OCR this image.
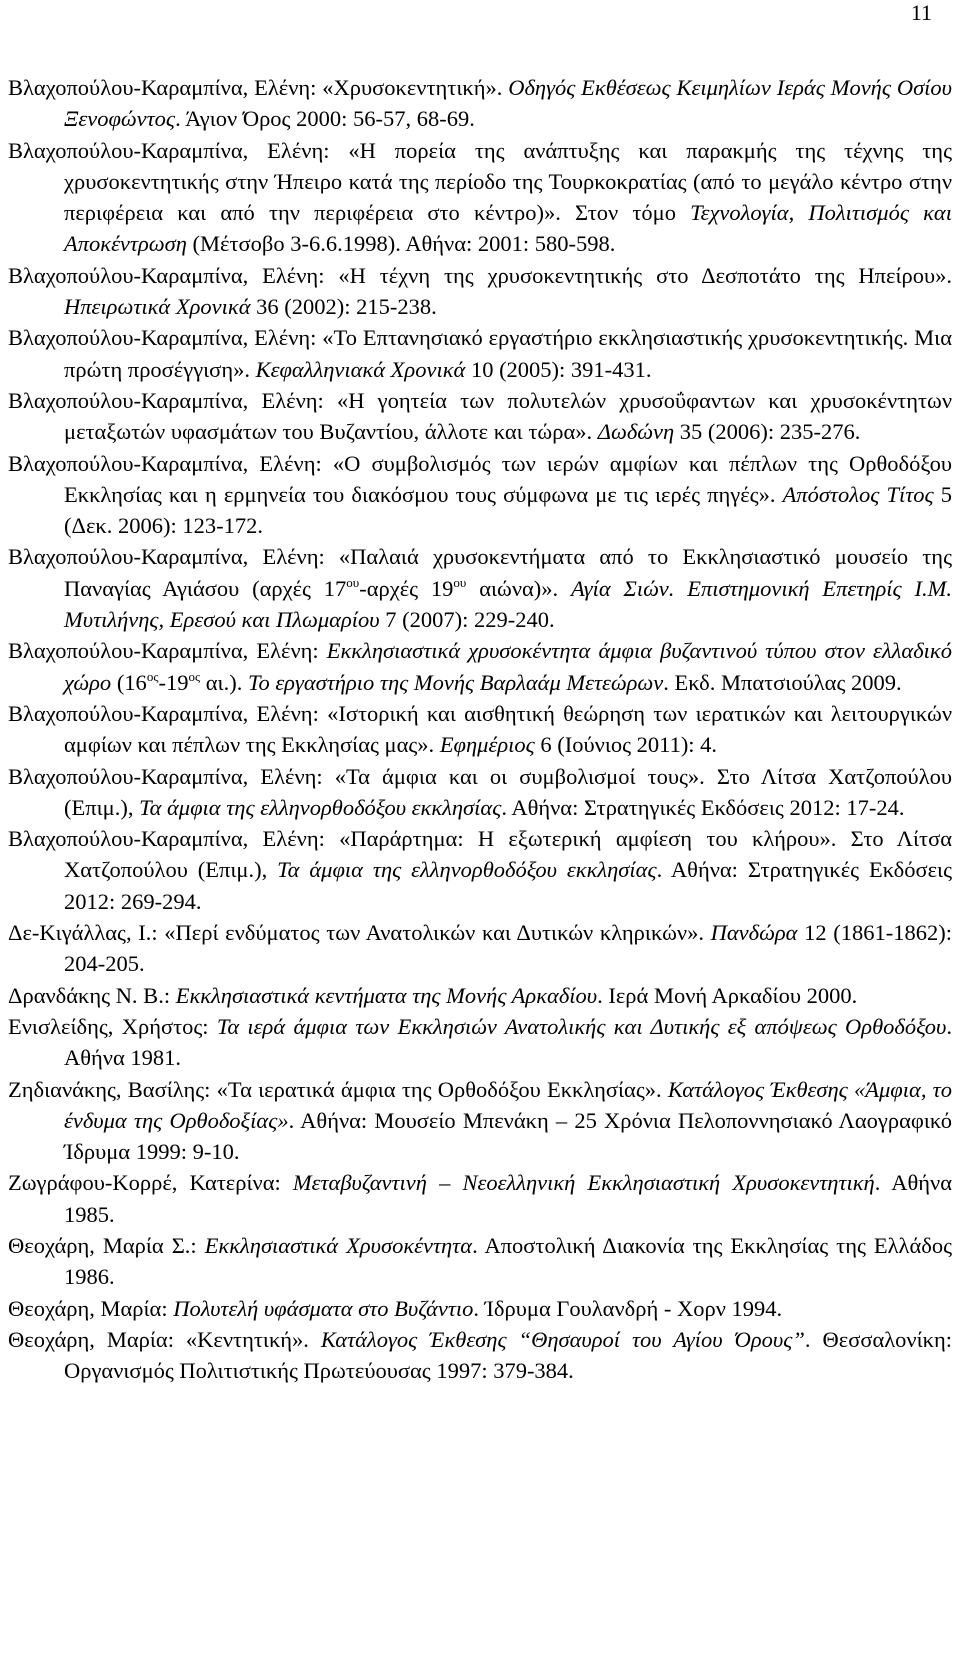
11

Βλαχοπούλου-Καραμπίνα, Ελένη: «Χρυσοκεντητική». Οδηγός Εκθέσεως Κειμηλίων Ιεράς Μονής Οσίου Ξενοφώντος. Άγιον Όρος 2000: 56-57, 68-69.

Βλαχοπούλου-Καραμπίνα, Ελένη: «Η πορεία της ανάπτυξης και παρακμής της τέχνης της χρυσοκεντητικής στην Ήπειρο κατά της περίοδο της Τουρκοκρατίας (από το μεγάλο κέντρο στην περιφέρεια και από την περιφέρεια στο κέντρο)». Στον τόμο Τεχνολογία, Πολιτισμός και Αποκέντρωση (Μέτσοβο 3-6.6.1998). Αθήνα: 2001: 580-598.

Βλαχοπούλου-Καραμπίνα, Ελένη: «Η τέχνη της χρυσοκεντητικής στο Δεσποτάτο της Ηπείρου». Ηπειρωτικά Χρονικά 36 (2002): 215-238.

Βλαχοπούλου-Καραμπίνα, Ελένη: «Το Επτανησιακό εργαστήριο εκκλησιαστικής χρυσοκεντητικής. Μια πρώτη προσέγγιση». Κεφαλληνιακά Χρονικά 10 (2005): 391-431.

Βλαχοπούλου-Καραμπίνα, Ελένη: «Η γοητεία των πολυτελών χρυσοΰφαντων και χρυσοκέντητων μεταξωτών υφασμάτων του Βυζαντίου, άλλοτε και τώρα». Δωδώνη 35 (2006): 235-276.

Βλαχοπούλου-Καραμπίνα, Ελένη: «Ο συμβολισμός των ιερών αμφίων και πέπλων της Ορθοδόξου Εκκλησίας και η ερμηνεία του διακόσμου τους σύμφωνα με τις ιερές πηγές». Απόστολος Τίτος 5 (Δεκ. 2006): 123-172.

Βλαχοπούλου-Καραμπίνα, Ελένη: «Παλαιά χρυσοκεντήματα από το Εκκλησιαστικό μουσείο της Παναγίας Αγιάσου (αρχές $17^{o\upsilon}$-αρχές $19^{o\upsilon}$ αιώνα)». Αγία Σιών. Επιστημονική Επετηρίς Ι.Μ. Μυτιλήνης, Ερεσού και Πλωμαρίου 7 (2007): 229-240.

Βλαχοπούλου-Καραμπίνα, Ελένη: Εκκλησιαστικά χρυσοκέντητα άμφια βυζαντινού τύπου στον ελλαδικό χώρο ($16^{o\varsigma}-19^{o\varsigma}$ αι.). Το εργαστήριο της Μονής Βαρλαάμ Μετεώρων. Εκδ. Μπατσιούλας 2009.

Βλαχοπούλου-Καραμπίνα, Ελένη: «Ιστορική και αισθητική θεώρηση των ιερατικών και λειτουργικών αμφίων και πέπλων της Εκκλησίας μας». Εφημέριος 6 (Ιούνιος 2011): 4.

Βλαχοπούλου-Καραμπίνα, Ελένη: «Τα άμφια και οι συμβολισμοί τους». Στο Λίτσα Χατζοπούλου (Επιμ.), Τα άμφια της ελληνορθοδόξου εκκλησίας. Αθήνα: Στρατηγικές Εκδόσεις 2012: 17-24.

Βλαχοπούλου-Καραμπίνα, Ελένη: «Παράρτημα: Η εξωτερική αμφίεση του κλήρου». Στο Λίτσα Χατζοπούλου (Επιμ.), Τα άμφια της ελληνορθοδόξου εκκλησίας. Αθήνα: Στρατηγικές Εκδόσεις 2012: 269-294.

Δε-Κιγάλλας, Ι.: «Περί ενδύματος των Ανατολικών και Δυτικών κληρικών». Πανδώρα 12 (1861-1862): 204-205.

Δρανδάκης Ν. Β.: Εκκλησιαστικά κεντήματα της Μονής Αρκαδίου. Ιερά Μονή Αρκαδίου 2000.

Ενισλείδης, Χρήστος: Τα ιερά άμφια των Εκκλησιών Ανατολικής και Δυτικής εξ απόψεως Ορθοδόξου. Αθήνα 1981.

Ζηδιανάκης, Βασίλης: «Τα ιερατικά άμφια της Ορθοδόξου Εκκλησίας». Κατάλογος Έκθεσης «Άμφια, το ένδυμα της Ορθοδοξίας». Αθήνα: Μουσείο Μπενάκη – 25 Χρόνια Πελοποννησιακό Λαογραφικό Ίδρυμα 1999: 9-10.

Ζωγράφου-Κορρέ, Κατερίνα: Μεταβυζαντινή – Νεοελληνική Εκκλησιαστική Χρυσοκεντητική. Αθήνα 1985.

Θεοχάρη, Μαρία Σ.: Εκκλησιαστικά Χρυσοκέντητα. Αποστολική Διακονία της Εκκλησίας της Ελλάδος 1986.

Θεοχάρη, Μαρία: Πολυτελή υφάσματα στο Βυζάντιο. Ίδρυμα Γουλανδρή - Χορν 1994.

Θεοχάρη, Μαρία: «Κεντητική». Κατάλογος Έκθεσης “Θησαυροί του Αγίου Όρους”. Θεσσαλονίκη: Οργανισμός Πολιτιστικής Πρωτεύουσας 1997: 379-384.
